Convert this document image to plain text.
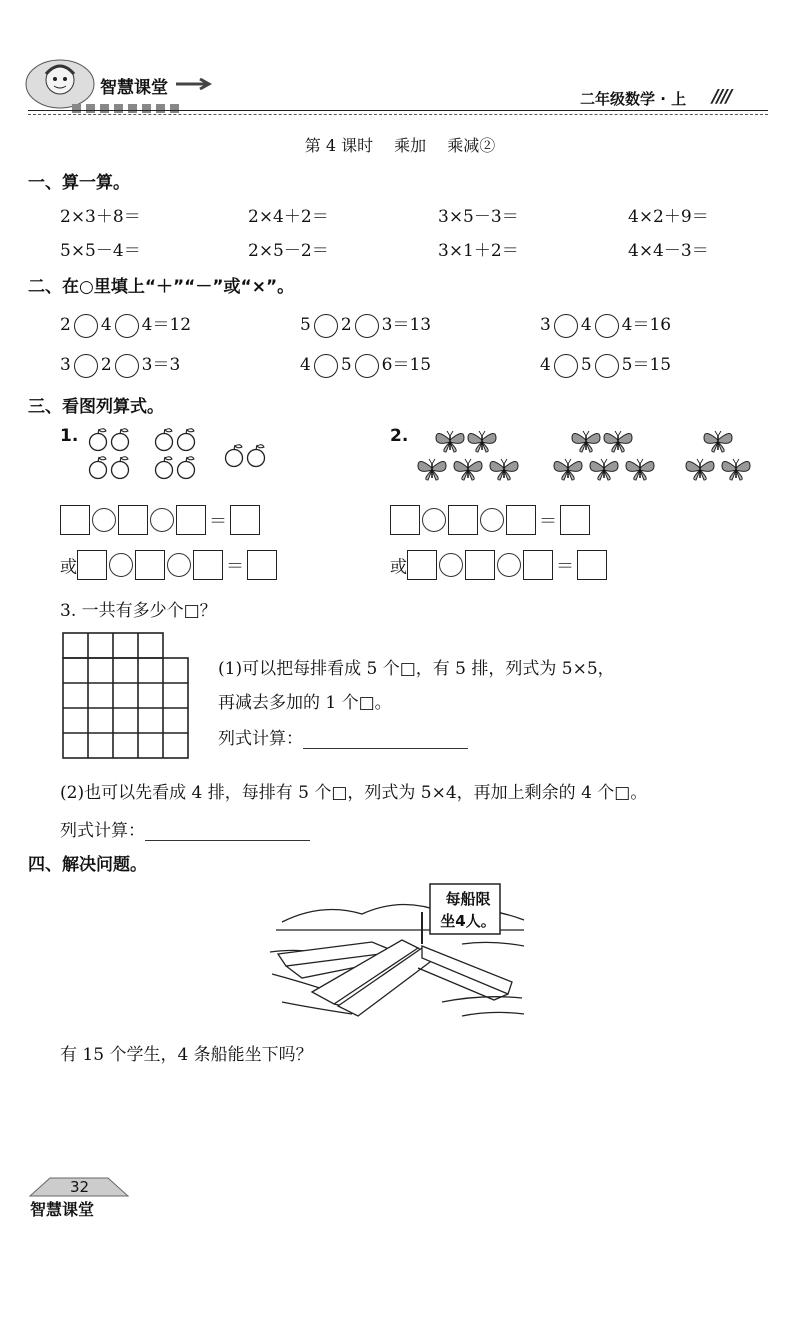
智慧课堂
二年级数学 · 上 ////
第 4 课时　 乘加　 乘减②
一、算一算。
2×3＋8＝	2×4＋2＝	3×5－3＝	4×2＋9＝
5×5－4＝	2×5－2＝	3×1＋2＝	4×4－3＝
二、在○里填上“＋”“－”或“×”。
2 4 4＝12	5 2 3＝13	3 4 4＝16
3 2 3＝3	4 5 6＝15	4 5 5＝15
三、看图列算式。
1.	2.
＝
或	＝
＝
或	＝
3. 一共有多少个□？
(1)可以把每排看成 5 个□，有 5 排，列式为 5×5，
再减去多加的 1 个□。
列式计算：
(2)也可以先看成 4 排，每排有 5 个□，列式为 5×4，再加上剩余的 4 个□。
列式计算：
四、解决问题。
每船限
坐4人。
有 15 个学生，4 条船能坐下吗？
32
智慧课堂
